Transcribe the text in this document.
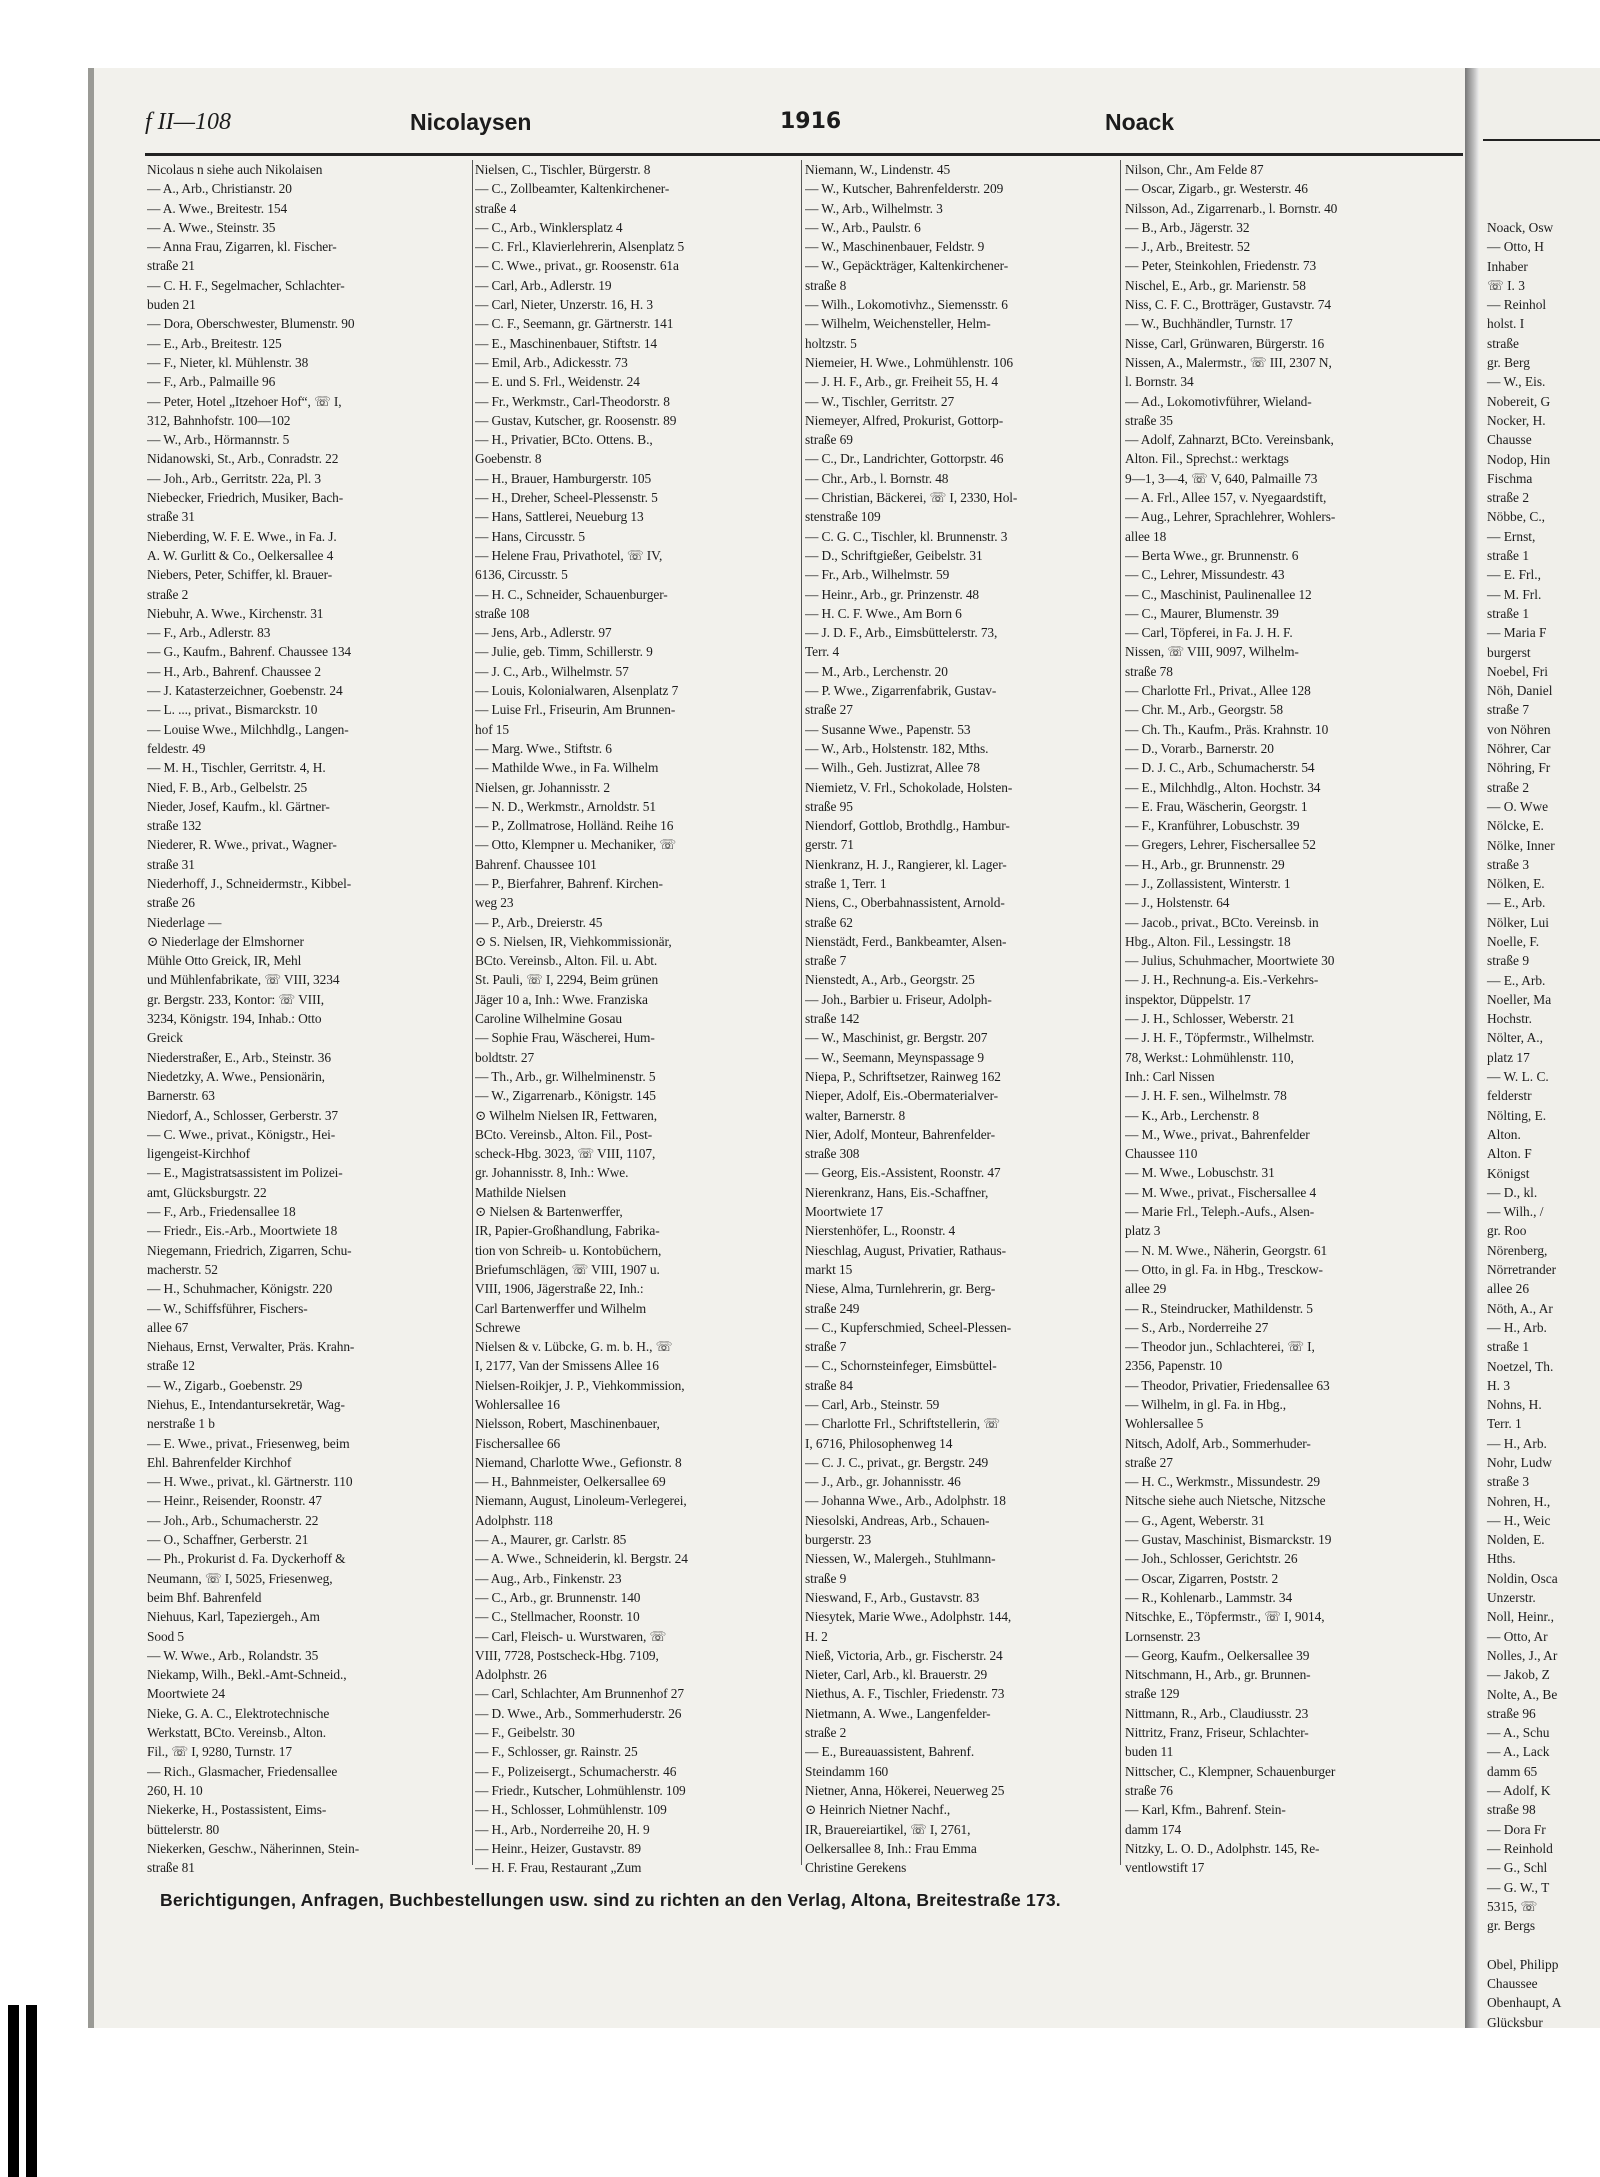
Noack, Osw
— Otto, H
Inhaber
☏ I. 3
— Reinhol
holst. I
straße
gr. Berg
— W., Eis.
Nobereit, G
Nocker, H.
Chausse
Nodop, Hin
Fischma
straße 2
Nöbbe, C.,
— Ernst,
straße 1
— E. Frl.,
— M. Frl.
straße 1
— Maria F
burgerst
Noebel, Fri
Nöh, Daniel
straße 7
von Nöhren
Nöhrer, Car
Nöhring, Fr
straße 2
— O. Wwe
Nölcke, E.
Nölke, Inner
straße 3
Nölken, E.
— E., Arb.
Nölker, Lui
Noelle, F.
straße 9
— E., Arb.
Noeller, Ma
Hochstr.
Nölter, A.,
platz 17
— W. L. C.
felderstr
Nölting, E.
Alton.
Alton. F
Königst
— D., kl.
— Wilh., /
gr. Roo
Nörenberg,
Nörretrander
allee 26
Nöth, A., Ar
— H., Arb.
straße 1
Noetzel, Th.
H. 3
Nohns, H.
Terr. 1
— H., Arb.
Nohr, Ludw
straße 3
Nohren, H.,
— H., Weic
Nolden, E.
Hths.
Noldin, Osca
Unzerstr.
Noll, Heinr.,
— Otto, Ar
Nolles, J., Ar
— Jakob, Z
Nolte, A., Be
straße 96
— A., Schu
— A., Lack
damm 65
— Adolf, K
straße 98
— Dora Fr
— Reinhold
— G., Schl
— G. W., T
5315, ☏
gr. Bergs

Obel, Philipp
Chaussee
Obenhaupt, A
Glücksbur
f II—108	Nicolaysen	1916	Noack
Nicolaus n siehe auch Nikolaisen
— A., Arb., Christianstr. 20
— A. Wwe., Breitestr. 154
— A. Wwe., Steinstr. 35
— Anna Frau, Zigarren, kl. Fischer-
straße 21
— C. H. F., Segelmacher, Schlachter-
buden 21
— Dora, Oberschwester, Blumenstr. 90
— E., Arb., Breitestr. 125
— F., Nieter, kl. Mühlenstr. 38
— F., Arb., Palmaille 96
— Peter, Hotel „Itzehoer Hof“, ☏ I,
312, Bahnhofstr. 100—102
— W., Arb., Hörmannstr. 5
Nidanowski, St., Arb., Conradstr. 22
— Joh., Arb., Gerritstr. 22a, Pl. 3
Niebecker, Friedrich, Musiker, Bach-
straße 31
Nieberding, W. F. E. Wwe., in Fa. J.
A. W. Gurlitt & Co., Oelkersallee 4
Niebers, Peter, Schiffer, kl. Brauer-
straße 2
Niebuhr, A. Wwe., Kirchenstr. 31
— F., Arb., Adlerstr. 83
— G., Kaufm., Bahrenf. Chaussee 134
— H., Arb., Bahrenf. Chaussee 2
— J. Katasterzeichner, Goebenstr. 24
— L. ..., privat., Bismarckstr. 10
— Louise Wwe., Milchhdlg., Langen-
feldestr. 49
— M. H., Tischler, Gerritstr. 4, H.
Nied, F. B., Arb., Gelbelstr. 25
Nieder, Josef, Kaufm., kl. Gärtner-
straße 132
Niederer, R. Wwe., privat., Wagner-
straße 31
Niederhoff, J., Schneidermstr., Kibbel-
straße 26
Niederlage —
⊙ Niederlage der Elmshorner
Mühle Otto Greick, IR, Mehl
und Mühlenfabrikate, ☏ VIII, 3234
gr. Bergstr. 233, Kontor: ☏ VIII,
3234, Königstr. 194, Inhab.: Otto
Greick
Niederstraßer, E., Arb., Steinstr. 36
Niedetzky, A. Wwe., Pensionärin,
Barnerstr. 63
Niedorf, A., Schlosser, Gerberstr. 37
— C. Wwe., privat., Königstr., Hei-
ligengeist-Kirchhof
— E., Magistratsassistent im Polizei-
amt, Glücksburgstr. 22
— F., Arb., Friedensallee 18
— Friedr., Eis.-Arb., Moortwiete 18
Niegemann, Friedrich, Zigarren, Schu-
macherstr. 52
— H., Schuhmacher, Königstr. 220
— W., Schiffsführer, Fischers-
allee 67
Niehaus, Ernst, Verwalter, Präs. Krahn-
straße 12
— W., Zigarb., Goebenstr. 29
Niehus, E., Intendantursekretär, Wag-
nerstraße 1 b
— E. Wwe., privat., Friesenweg, beim
Ehl. Bahrenfelder Kirchhof
— H. Wwe., privat., kl. Gärtnerstr. 110
— Heinr., Reisender, Roonstr. 47
— Joh., Arb., Schumacherstr. 22
— O., Schaffner, Gerberstr. 21
— Ph., Prokurist d. Fa. Dyckerhoff &
Neumann, ☏ I, 5025, Friesenweg,
beim Bhf. Bahrenfeld
Niehuus, Karl, Tapeziergeh., Am
Sood 5
— W. Wwe., Arb., Rolandstr. 35
Niekamp, Wilh., Bekl.-Amt-Schneid.,
Moortwiete 24
Nieke, G. A. C., Elektrotechnische
Werkstatt, BCto. Vereinsb., Alton.
Fil., ☏ I, 9280, Turnstr. 17
— Rich., Glasmacher, Friedensallee
260, H. 10
Niekerke, H., Postassistent, Eims-
büttelerstr. 80
Niekerken, Geschw., Näherinnen, Stein-
straße 81
Nielsen, C., Tischler, Bürgerstr. 8
— C., Zollbeamter, Kaltenkirchener-
straße 4
— C., Arb., Winklersplatz 4
— C. Frl., Klavierlehrerin, Alsenplatz 5
— C. Wwe., privat., gr. Roosenstr. 61a
— Carl, Arb., Adlerstr. 19
— Carl, Nieter, Unzerstr. 16, H. 3
— C. F., Seemann, gr. Gärtnerstr. 141
— E., Maschinenbauer, Stiftstr. 14
— Emil, Arb., Adickesstr. 73
— E. und S. Frl., Weidenstr. 24
— Fr., Werkmstr., Carl-Theodorstr. 8
— Gustav, Kutscher, gr. Roosenstr. 89
— H., Privatier, BCto. Ottens. B.,
Goebenstr. 8
— H., Brauer, Hamburgerstr. 105
— H., Dreher, Scheel-Plessenstr. 5
— Hans, Sattlerei, Neueburg 13
— Hans, Circusstr. 5
— Helene Frau, Privathotel, ☏ IV,
6136, Circusstr. 5
— H. C., Schneider, Schauenburger-
straße 108
— Jens, Arb., Adlerstr. 97
— Julie, geb. Timm, Schillerstr. 9
— J. C., Arb., Wilhelmstr. 57
— Louis, Kolonialwaren, Alsenplatz 7
— Luise Frl., Friseurin, Am Brunnen-
hof 15
— Marg. Wwe., Stiftstr. 6
— Mathilde Wwe., in Fa. Wilhelm
Nielsen, gr. Johannisstr. 2
— N. D., Werkmstr., Arnoldstr. 51
— P., Zollmatrose, Holländ. Reihe 16
— Otto, Klempner u. Mechaniker, ☏
Bahrenf. Chaussee 101
— P., Bierfahrer, Bahrenf. Kirchen-
weg 23
— P., Arb., Dreierstr. 45
⊙ S. Nielsen, IR, Viehkommissionär,
BCto. Vereinsb., Alton. Fil. u. Abt.
St. Pauli, ☏ I, 2294, Beim grünen
Jäger 10 a, Inh.: Wwe. Franziska
Caroline Wilhelmine Gosau
— Sophie Frau, Wäscherei, Hum-
boldtstr. 27
— Th., Arb., gr. Wilhelminenstr. 5
— W., Zigarrenarb., Königstr. 145
⊙ Wilhelm Nielsen IR, Fettwaren,
BCto. Vereinsb., Alton. Fil., Post-
scheck-Hbg. 3023, ☏ VIII, 1107,
gr. Johannisstr. 8, Inh.: Wwe.
Mathilde Nielsen
⊙ Nielsen & Bartenwerffer,
IR, Papier-Großhandlung, Fabrika-
tion von Schreib- u. Kontobüchern,
Briefumschlägen, ☏ VIII, 1907 u.
VIII, 1906, Jägerstraße 22, Inh.:
Carl Bartenwerffer und Wilhelm
Schrewe
Nielsen & v. Lübcke, G. m. b. H., ☏
I, 2177, Van der Smissens Allee 16
Nielsen-Roikjer, J. P., Viehkommission,
Wohlersallee 16
Nielsson, Robert, Maschinenbauer,
Fischersallee 66
Niemand, Charlotte Wwe., Gefionstr. 8
— H., Bahnmeister, Oelkersallee 69
Niemann, August, Linoleum-Verlegerei,
Adolphstr. 118
— A., Maurer, gr. Carlstr. 85
— A. Wwe., Schneiderin, kl. Bergstr. 24
— Aug., Arb., Finkenstr. 23
— C., Arb., gr. Brunnenstr. 140
— C., Stellmacher, Roonstr. 10
— Carl, Fleisch- u. Wurstwaren, ☏
VIII, 7728, Postscheck-Hbg. 7109,
Adolphstr. 26
— Carl, Schlachter, Am Brunnenhof 27
— D. Wwe., Arb., Sommerhuderstr. 26
— F., Geibelstr. 30
— F., Schlosser, gr. Rainstr. 25
— F., Polizeisergt., Schumacherstr. 46
— Friedr., Kutscher, Lohmühlenstr. 109
— H., Schlosser, Lohmühlenstr. 109
— H., Arb., Norderreihe 20, H. 9
— Heinr., Heizer, Gustavstr. 89
— H. F. Frau, Restaurant „Zum
Niemann, W., Lindenstr. 45
— W., Kutscher, Bahrenfelderstr. 209
— W., Arb., Wilhelmstr. 3
— W., Arb., Paulstr. 6
— W., Maschinenbauer, Feldstr. 9
— W., Gepäckträger, Kaltenkirchener-
straße 8
— Wilh., Lokomotivhz., Siemensstr. 6
— Wilhelm, Weichensteller, Helm-
holtzstr. 5
Niemeier, H. Wwe., Lohmühlenstr. 106
— J. H. F., Arb., gr. Freiheit 55, H. 4
— W., Tischler, Gerritstr. 27
Niemeyer, Alfred, Prokurist, Gottorp-
straße 69
— C., Dr., Landrichter, Gottorpstr. 46
— Chr., Arb., l. Bornstr. 48
— Christian, Bäckerei, ☏ I, 2330, Hol-
stenstraße 109
— C. G. C., Tischler, kl. Brunnenstr. 3
— D., Schriftgießer, Geibelstr. 31
— Fr., Arb., Wilhelmstr. 59
— Heinr., Arb., gr. Prinzenstr. 48
— H. C. F. Wwe., Am Born 6
— J. D. F., Arb., Eimsbüttelerstr. 73,
Terr. 4
— M., Arb., Lerchenstr. 20
— P. Wwe., Zigarrenfabrik, Gustav-
straße 27
— Susanne Wwe., Papenstr. 53
— W., Arb., Holstenstr. 182, Mths.
— Wilh., Geh. Justizrat, Allee 78
Niemietz, V. Frl., Schokolade, Holsten-
straße 95
Niendorf, Gottlob, Brothdlg., Hambur-
gerstr. 71
Nienkranz, H. J., Rangierer, kl. Lager-
straße 1, Terr. 1
Niens, C., Oberbahnassistent, Arnold-
straße 62
Nienstädt, Ferd., Bankbeamter, Alsen-
straße 7
Nienstedt, A., Arb., Georgstr. 25
— Joh., Barbier u. Friseur, Adolph-
straße 142
— W., Maschinist, gr. Bergstr. 207
— W., Seemann, Meynspassage 9
Niepa, P., Schriftsetzer, Rainweg 162
Nieper, Adolf, Eis.-Obermaterialver-
walter, Barnerstr. 8
Nier, Adolf, Monteur, Bahrenfelder-
straße 308
— Georg, Eis.-Assistent, Roonstr. 47
Nierenkranz, Hans, Eis.-Schaffner,
Moortwiete 17
Nierstenhöfer, L., Roonstr. 4
Nieschlag, August, Privatier, Rathaus-
markt 15
Niese, Alma, Turnlehrerin, gr. Berg-
straße 249
— C., Kupferschmied, Scheel-Plessen-
straße 7
— C., Schornsteinfeger, Eimsbüttel-
straße 84
— Carl, Arb., Steinstr. 59
— Charlotte Frl., Schriftstellerin, ☏
I, 6716, Philosophenweg 14
— C. J. C., privat., gr. Bergstr. 249
— J., Arb., gr. Johannisstr. 46
— Johanna Wwe., Arb., Adolphstr. 18
Niesolski, Andreas, Arb., Schauen-
burgerstr. 23
Niessen, W., Malergeh., Stuhlmann-
straße 9
Nieswand, F., Arb., Gustavstr. 83
Niesytek, Marie Wwe., Adolphstr. 144,
H. 2
Nieß, Victoria, Arb., gr. Fischerstr. 24
Nieter, Carl, Arb., kl. Brauerstr. 29
Niethus, A. F., Tischler, Friedenstr. 73
Nietmann, A. Wwe., Langenfelder-
straße 2
— E., Bureauassistent, Bahrenf.
Steindamm 160
Nietner, Anna, Hökerei, Neuerweg 25
⊙ Heinrich Nietner Nachf.,
IR, Brauereiartikel, ☏ I, 2761,
Oelkersallee 8, Inh.: Frau Emma
Christine Gerekens
Nilson, Chr., Am Felde 87
— Oscar, Zigarb., gr. Westerstr. 46
Nilsson, Ad., Zigarrenarb., l. Bornstr. 40
— B., Arb., Jägerstr. 32
— J., Arb., Breitestr. 52
— Peter, Steinkohlen, Friedenstr. 73
Nischel, E., Arb., gr. Marienstr. 58
Niss, C. F. C., Brotträger, Gustavstr. 74
— W., Buchhändler, Turnstr. 17
Nisse, Carl, Grünwaren, Bürgerstr. 16
Nissen, A., Malermstr., ☏ III, 2307 N,
l. Bornstr. 34
— Ad., Lokomotivführer, Wieland-
straße 35
— Adolf, Zahnarzt, BCto. Vereinsbank,
Alton. Fil., Sprechst.: werktags
9—1, 3—4, ☏ V, 640, Palmaille 73
— A. Frl., Allee 157, v. Nyegaardstift,
— Aug., Lehrer, Sprachlehrer, Wohlers-
allee 18
— Berta Wwe., gr. Brunnenstr. 6
— C., Lehrer, Missundestr. 43
— C., Maschinist, Paulinenallee 12
— C., Maurer, Blumenstr. 39
— Carl, Töpferei, in Fa. J. H. F.
Nissen, ☏ VIII, 9097, Wilhelm-
straße 78
— Charlotte Frl., Privat., Allee 128
— Chr. M., Arb., Georgstr. 58
— Ch. Th., Kaufm., Präs. Krahnstr. 10
— D., Vorarb., Barnerstr. 20
— D. J. C., Arb., Schumacherstr. 54
— E., Milchhdlg., Alton. Hochstr. 34
— E. Frau, Wäscherin, Georgstr. 1
— F., Kranführer, Lobuschstr. 39
— Gregers, Lehrer, Fischersallee 52
— H., Arb., gr. Brunnenstr. 29
— J., Zollassistent, Winterstr. 1
— J., Holstenstr. 64
— Jacob., privat., BCto. Vereinsb. in
Hbg., Alton. Fil., Lessingstr. 18
— Julius, Schuhmacher, Moortwiete 30
— J. H., Rechnung-a. Eis.-Verkehrs-
inspektor, Düppelstr. 17
— J. H., Schlosser, Weberstr. 21
— J. H. F., Töpfermstr., Wilhelmstr.
78, Werkst.: Lohmühlenstr. 110,
Inh.: Carl Nissen
— J. H. F. sen., Wilhelmstr. 78
— K., Arb., Lerchenstr. 8
— M., Wwe., privat., Bahrenfelder
Chaussee 110
— M. Wwe., Lobuschstr. 31
— M. Wwe., privat., Fischersallee 4
— Marie Frl., Teleph.-Aufs., Alsen-
platz 3
— N. M. Wwe., Näherin, Georgstr. 61
— Otto, in gl. Fa. in Hbg., Tresckow-
allee 29
— R., Steindrucker, Mathildenstr. 5
— S., Arb., Norderreihe 27
— Theodor jun., Schlachterei, ☏ I,
2356, Papenstr. 10
— Theodor, Privatier, Friedensallee 63
— Wilhelm, in gl. Fa. in Hbg.,
Wohlersallee 5
Nitsch, Adolf, Arb., Sommerhuder-
straße 27
— H. C., Werkmstr., Missundestr. 29
Nitsche siehe auch Nietsche, Nitzsche
— G., Agent, Weberstr. 31
— Gustav, Maschinist, Bismarckstr. 19
— Joh., Schlosser, Gerichtstr. 26
— Oscar, Zigarren, Poststr. 2
— R., Kohlenarb., Lammstr. 34
Nitschke, E., Töpfermstr., ☏ I, 9014,
Lornsenstr. 23
— Georg, Kaufm., Oelkersallee 39
Nitschmann, H., Arb., gr. Brunnen-
straße 129
Nittmann, R., Arb., Claudiusstr. 23
Nittritz, Franz, Friseur, Schlachter-
buden 11
Nittscher, C., Klempner, Schauenburger
straße 76
— Karl, Kfm., Bahrenf. Stein-
damm 174
Nitzky, L. O. D., Adolphstr. 145, Re-
ventlowstift 17
Berichtigungen, Anfragen, Buchbestellungen usw. sind zu richten an den Verlag, Altona, Breitestraße 173.
